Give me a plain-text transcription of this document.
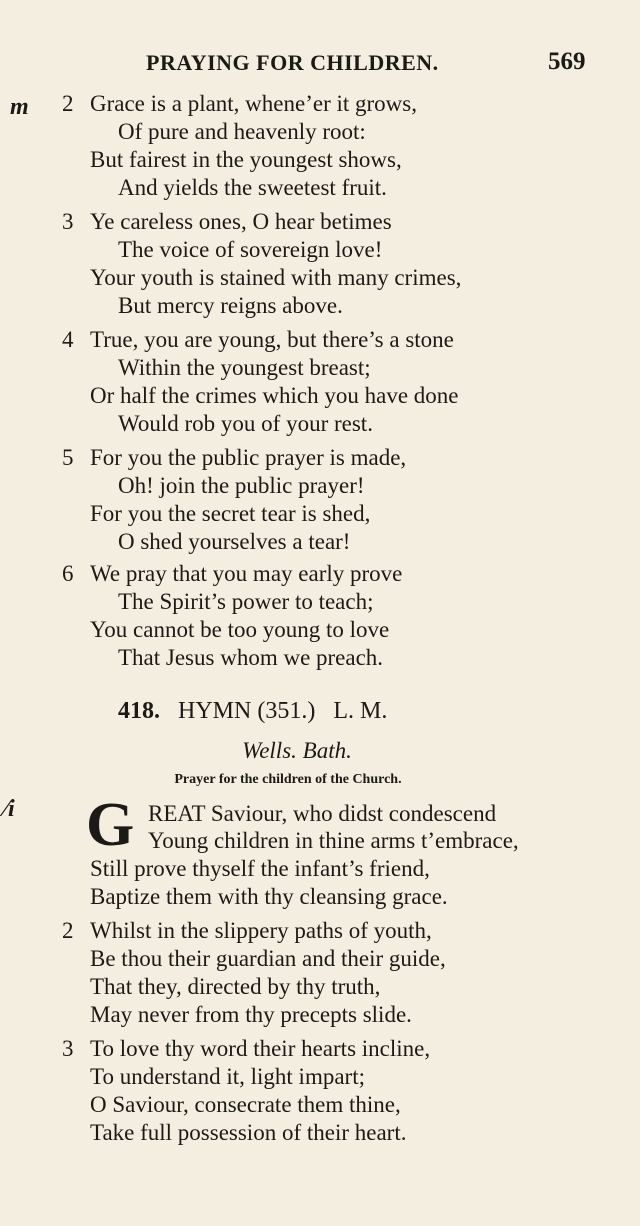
PRAYING FOR CHILDREN.	569
m 2 Grace is a plant, whene’er it grows,
Of pure and heavenly root:
But fairest in the youngest shows,
And yields the sweetest fruit.
3 Ye careless ones, O hear betimes
The voice of sovereign love!
Your youth is stained with many crimes,
But mercy reigns above.
4 True, you are young, but there’s a stone
Within the youngest breast;
Or half the crimes which you have done
Would rob you of your rest.
5 For you the public prayer is made,
Oh! join the public prayer!
For you the secret tear is shed,
O shed yourselves a tear!
6 We pray that you may early prove
The Spirit’s power to teach;
You cannot be too young to love
That Jesus whom we preach.
418. HYMN (351.) L. M.
Wells. Bath.
Prayer for the children of the Church.
⁄i G REAT Saviour, who didst condescend
Young children in thine arms t’embrace,
Still prove thyself the infant’s friend,
Baptize them with thy cleansing grace.
2 Whilst in the slippery paths of youth,
Be thou their guardian and their guide,
That they, directed by thy truth,
May never from thy precepts slide.
3 To love thy word their hearts incline,
To understand it, light impart;
O Saviour, consecrate them thine,
Take full possession of their heart.
